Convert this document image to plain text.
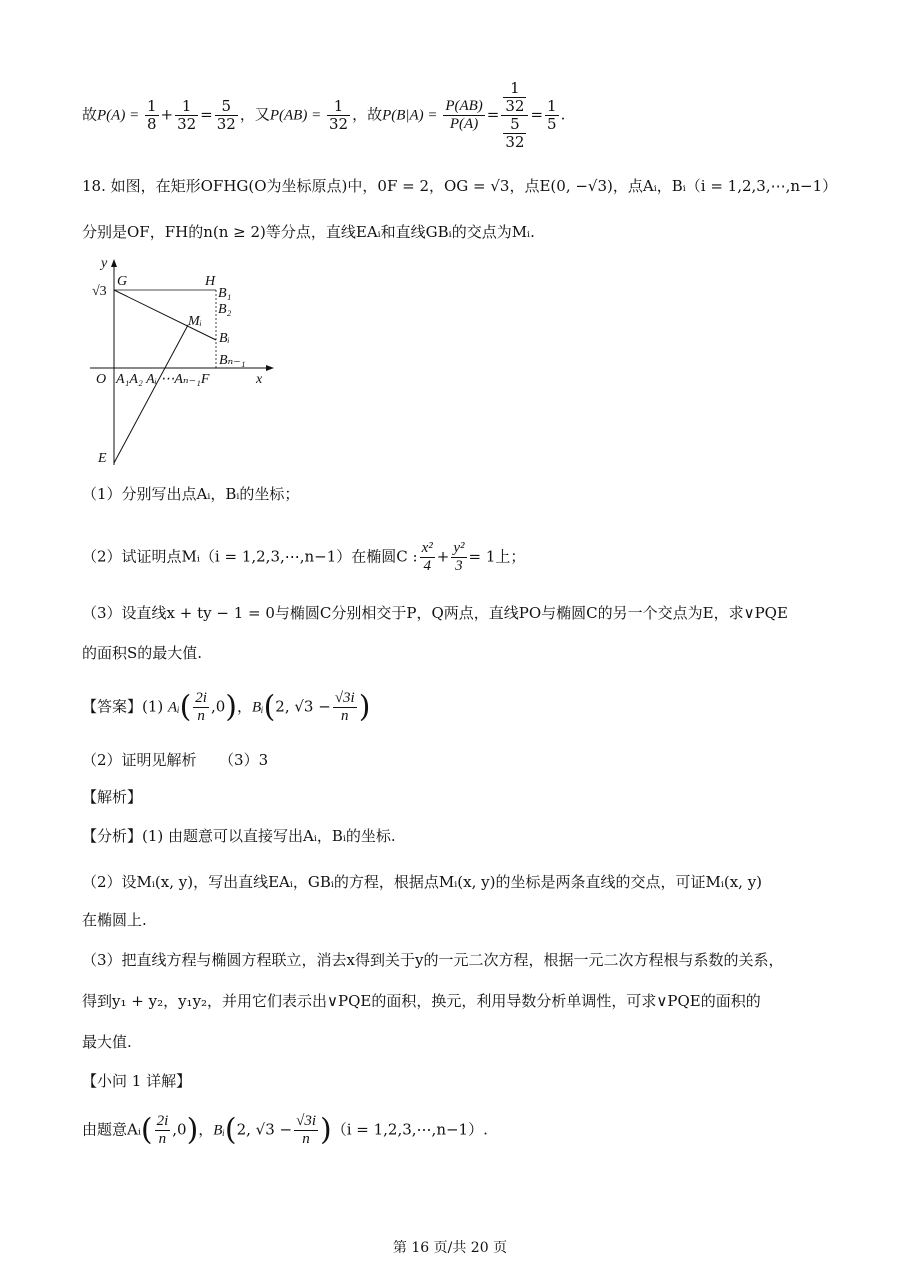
故$P(A) = \frac{1}{8} + \frac{1}{32} = \frac{5}{32}$ ，又$P(AB) = \frac{1}{32}$ ，故$P(B|A) = \frac{P(AB)}{P(A)} = \frac{\frac{1}{32}}{\frac{5}{32}} = \frac{1}{5}$ .
18. 如图，在矩形OFHG(O为坐标原点)中，0F = 2，OG = √3，点E(0, −√3)，点Aᵢ，Bᵢ（i = 1,2,3,⋯,n−1）
分别是OF，FH的n(n ≥ 2)等分点，直线EAᵢ和直线GBᵢ的交点为Mᵢ.
y
√3
G	H
B₁
B₂
Mᵢ
Bᵢ
Bₙ₋₁
O A₁A₂ Aᵢ ⋯Aₙ₋₁F	x
E
（1）分别写出点Aᵢ，Bᵢ的坐标；
（2）试证明点Mᵢ（i = 1,2,3,⋯,n−1）在椭圆C : $\frac{\text{x²}}{4} + \frac{\text{y²}}{3} = 1$上；
（3）设直线x + ty − 1 = 0与椭圆C分别相交于P，Q两点，直线PO与椭圆C的另一个交点为E，求∨PQE
的面积S的最大值.
【答案】(1) Aᵢ( $\frac{2i}{n} ,0$)，Bᵢ(2, $√3 - \frac{√3i}{n}$ )
（2）证明见解析　　（3）3
【解析】
【分析】(1) 由题意可以直接写出Aᵢ，Bᵢ的坐标.
（2）设Mᵢ(x, y)，写出直线EAᵢ，GBᵢ的方程，根据点Mᵢ(x, y)的坐标是两条直线的交点，可证Mᵢ(x, y)
在椭圆上.
（3）把直线方程与椭圆方程联立，消去x得到关于y的一元二次方程，根据一元二次方程根与系数的关系，
得到y₁ + y₂，y₁y₂，并用它们表示出∨PQE的面积，换元，利用导数分析单调性，可求∨PQE的面积的
最大值.
【小问 1 详解】
由题意Aᵢ( $\frac{2i}{n} ,0$)，Bᵢ(2, $√3 - \frac{√3i}{n} )(i$ = 1,2,3,⋯,n−1）.
第 16 页/共 20 页
